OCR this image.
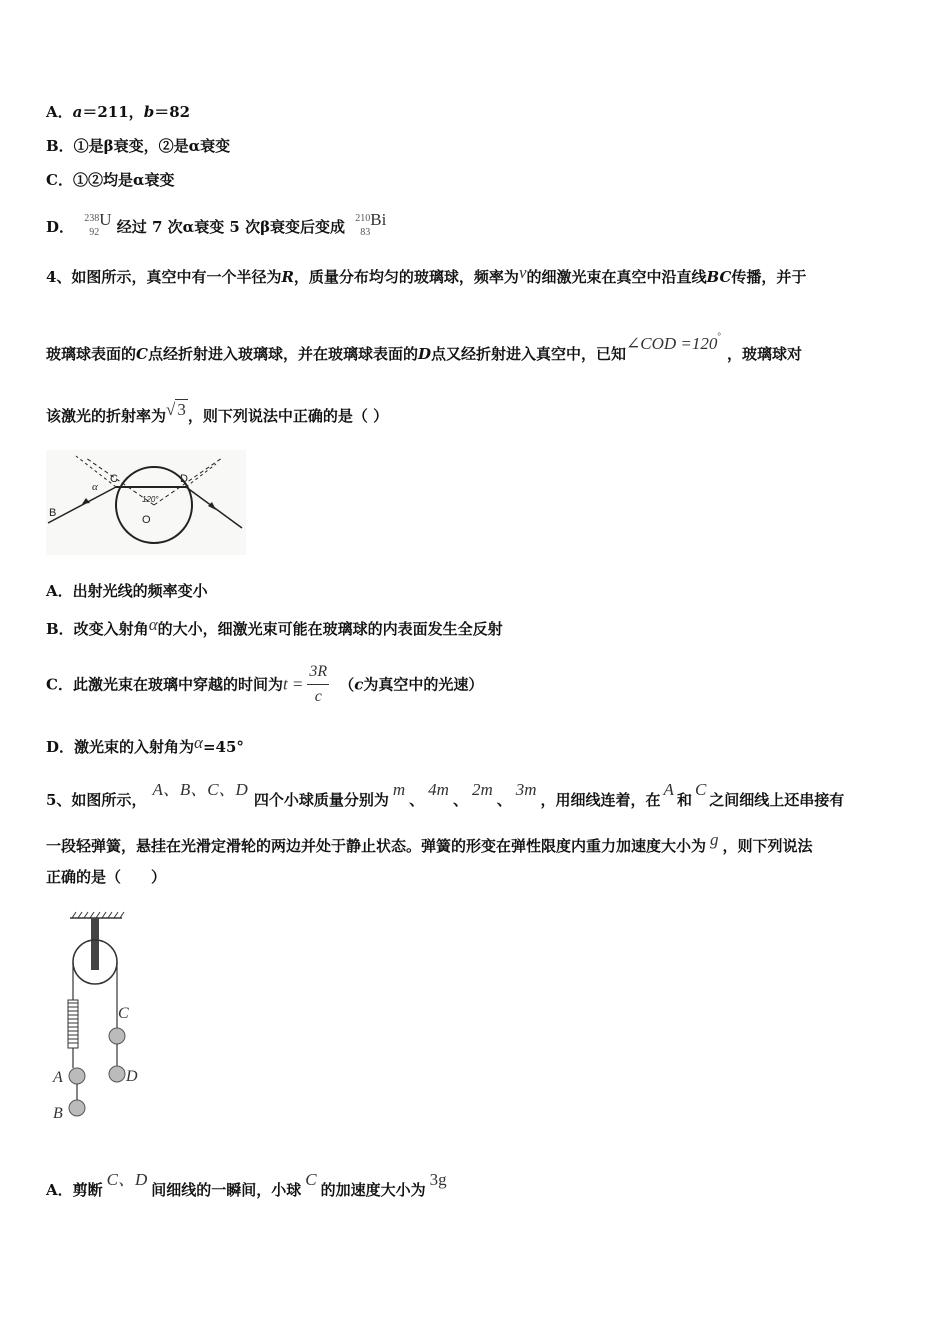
A．a＝211，b＝82
B．①是β衰变，②是α衰变
C．①②均是α衰变
D． 238
92
U 经过 7 次α衰变 5 次β衰变后变成 210
83
Bi
4、如图所示，真空中有一个半径为R，质量分布均匀的玻璃球，频率为ν的细激光束在真空中沿直线BC传播，并于
玻璃球表面的C点经折射进入玻璃球，并在玻璃球表面的D点又经折射进入真空中，已知∠COD =120°，玻璃球对
该激光的折射率为√ 3 ，则下列说法中正确的是（ ）
B
α
C	D
120°
O
A．出射光线的频率变小
B．改变入射角α的大小，细激光束可能在玻璃球的内表面发生全反射
C．此激光束在玻璃中穿越的时间为$t = \frac{3R}{c} (c$为真空中的光速）
D．激光束的入射角为α=45°
5、如图所示，A、B、C、D四个小球质量分别为m、4m、2m、3m，用细线连着，在A和C之间细线上还串接有
一段轻弹簧，悬挂在光滑定滑轮的两边并处于静止状态。弹簧的形变在弹性限度内重力加速度大小为 g ，则下列说法
正确的是（　　）
A
B
C
D
A．剪断C、D间细线的一瞬间，小球C的加速度大小为3g
